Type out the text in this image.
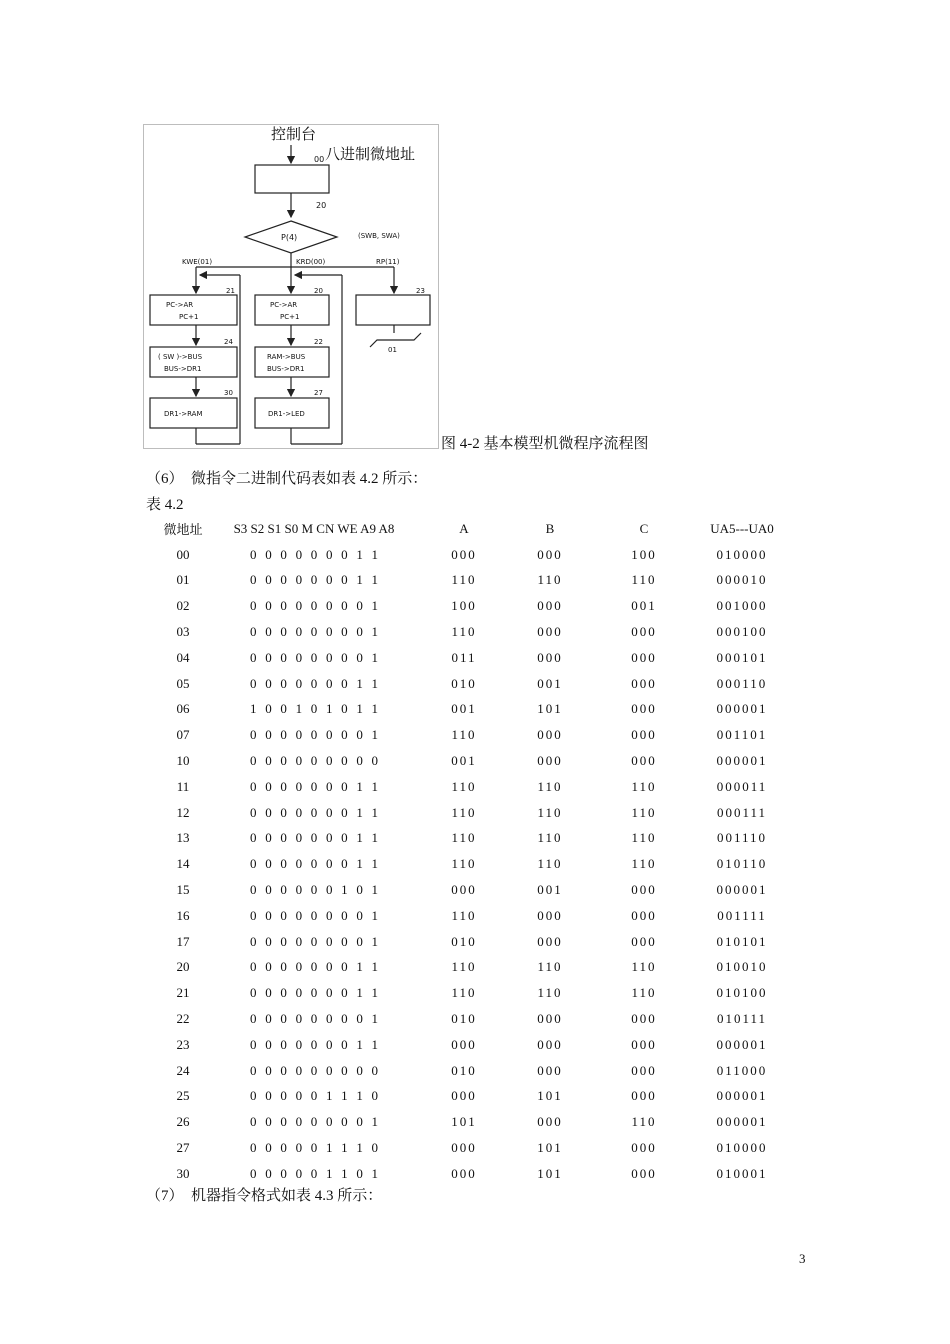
控制台
00 八进制微地址
20
P(4)	(SWB, SWA)
KWE(01)	KRD(00)	RP(11)
21
PC->AR
PC+1
24
( SW )->BUS
BUS->DR1
30
DR1->RAM
20
PC->AR
PC+1
22
RAM->BUS
BUS->DR1
27
DR1->LED
23
01
图 4-2 基本模型机微程序流程图
（6）　微指令二进制代码表如表 4.2 所示：
表 4.2
微地址	S3 S2 S1 S0 M CN WE A9 A8	A	B	C	UA5---UA0
00	0 0 0 0 0 0 0 1 1	000	000	100	010000
01	0 0 0 0 0 0 0 1 1	110	110	110	000010
02	0 0 0 0 0 0 0 0 1	100	000	001	001000
03	0 0 0 0 0 0 0 0 1	110	000	000	000100
04	0 0 0 0 0 0 0 0 1	011	000	000	000101
05	0 0 0 0 0 0 0 1 1	010	001	000	000110
06	1 0 0 1 0 1 0 1 1	001	101	000	000001
07	0 0 0 0 0 0 0 0 1	110	000	000	001101
10	0 0 0 0 0 0 0 0 0	001	000	000	000001
11	0 0 0 0 0 0 0 1 1	110	110	110	000011
12	0 0 0 0 0 0 0 1 1	110	110	110	000111
13	0 0 0 0 0 0 0 1 1	110	110	110	001110
14	0 0 0 0 0 0 0 1 1	110	110	110	010110
15	0 0 0 0 0 0 1 0 1	000	001	000	000001
16	0 0 0 0 0 0 0 0 1	110	000	000	001111
17	0 0 0 0 0 0 0 0 1	010	000	000	010101
20	0 0 0 0 0 0 0 1 1	110	110	110	010010
21	0 0 0 0 0 0 0 1 1	110	110	110	010100
22	0 0 0 0 0 0 0 0 1	010	000	000	010111
23	0 0 0 0 0 0 0 1 1	000	000	000	000001
24	0 0 0 0 0 0 0 0 0	010	000	000	011000
25	0 0 0 0 0 1 1 1 0	000	101	000	000001
26	0 0 0 0 0 0 0 0 1	101	000	110	000001
27	0 0 0 0 0 1 1 1 0	000	101	000	010000
30	0 0 0 0 0 1 1 0 1	000	101	000	010001
（7）　机器指令格式如表 4.3 所示：
3
